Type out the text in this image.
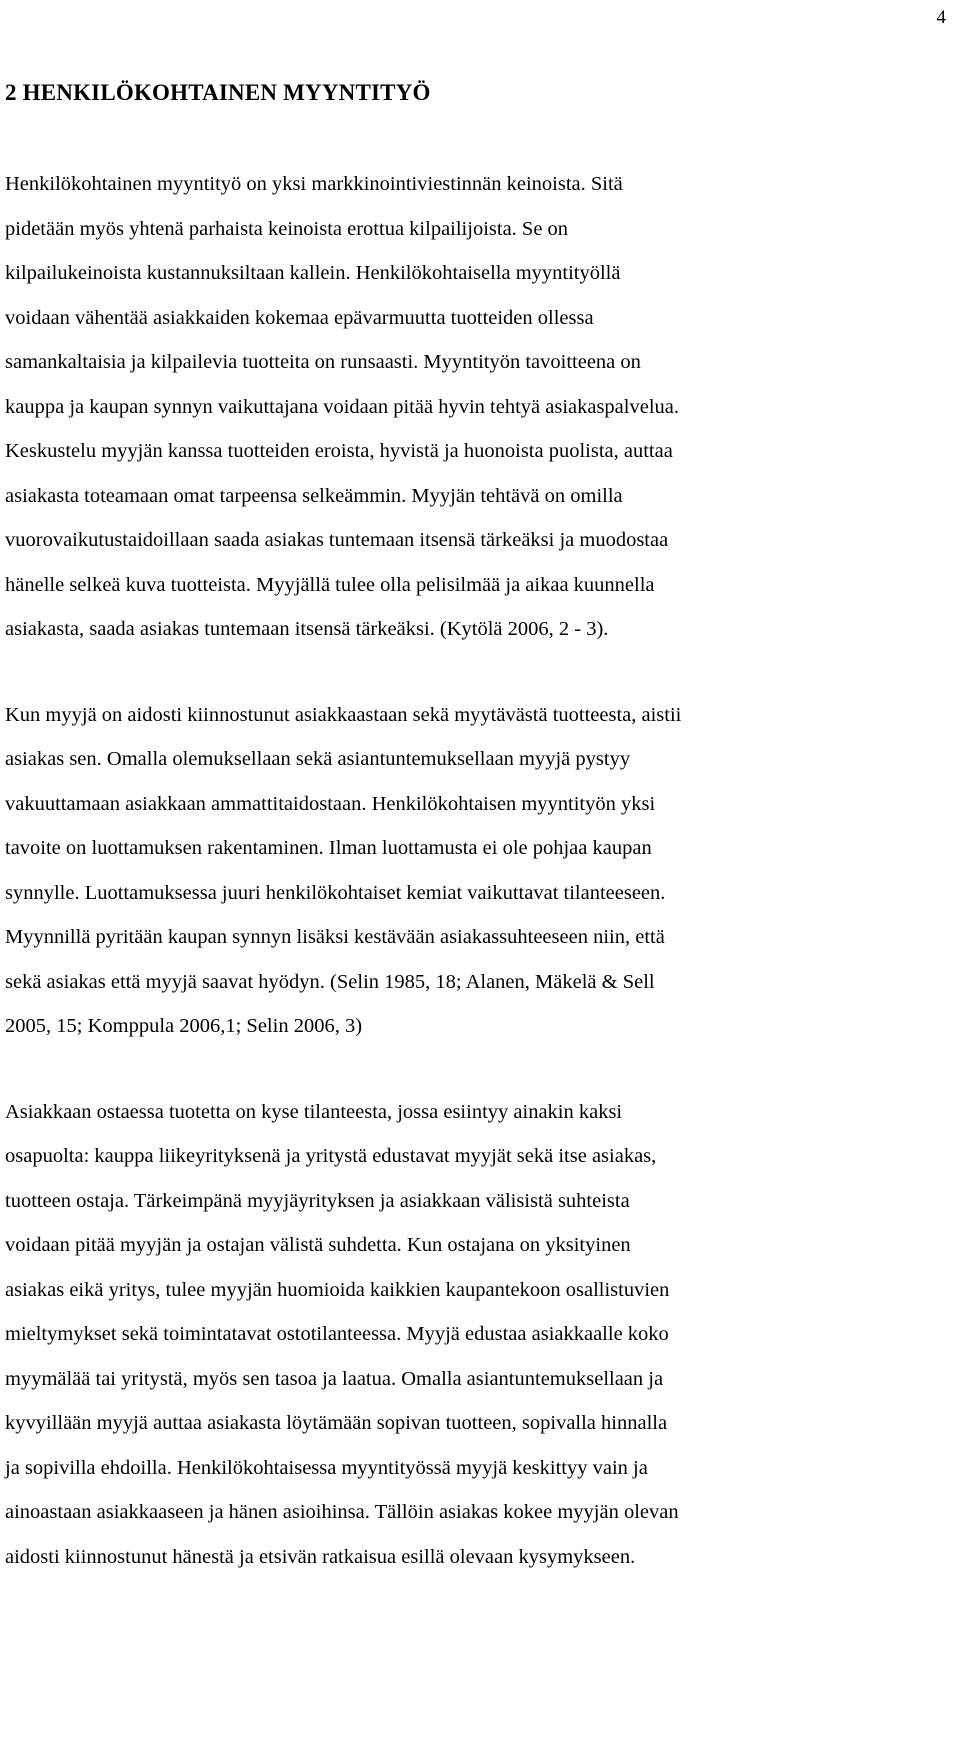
4
2 HENKILÖKOHTAINEN MYYNTITYÖ

Henkilökohtainen myyntityö on yksi markkinointiviestinnän keinoista. Sitä
pidetään myös yhtenä parhaista keinoista erottua kilpailijoista. Se on
kilpailukeinoista kustannuksiltaan kallein. Henkilökohtaisella myyntityöllä
voidaan vähentää asiakkaiden kokemaa epävarmuutta tuotteiden ollessa
samankaltaisia ja kilpailevia tuotteita on runsaasti. Myyntityön tavoitteena on
kauppa ja kaupan synnyn vaikuttajana voidaan pitää hyvin tehtyä asiakaspalvelua.
Keskustelu myyjän kanssa tuotteiden eroista, hyvistä ja huonoista puolista, auttaa
asiakasta toteamaan omat tarpeensa selkeämmin. Myyjän tehtävä on omilla
vuorovaikutustaidoillaan saada asiakas tuntemaan itsensä tärkeäksi ja muodostaa
hänelle selkeä kuva tuotteista. Myyjällä tulee olla pelisilmää ja aikaa kuunnella
asiakasta, saada asiakas tuntemaan itsensä tärkeäksi. (Kytölä 2006, 2 - 3).

Kun myyjä on aidosti kiinnostunut asiakkaastaan sekä myytävästä tuotteesta, aistii
asiakas sen. Omalla olemuksellaan sekä asiantuntemuksellaan myyjä pystyy
vakuuttamaan asiakkaan ammattitaidostaan. Henkilökohtaisen myyntityön yksi
tavoite on luottamuksen rakentaminen. Ilman luottamusta ei ole pohjaa kaupan
synnylle. Luottamuksessa juuri henkilökohtaiset kemiat vaikuttavat tilanteeseen.
Myynnillä pyritään kaupan synnyn lisäksi kestävään asiakassuhteeseen niin, että
sekä asiakas että myyjä saavat hyödyn. (Selin 1985, 18; Alanen, Mäkelä & Sell
2005, 15; Komppula 2006,1; Selin 2006, 3)

Asiakkaan ostaessa tuotetta on kyse tilanteesta, jossa esiintyy ainakin kaksi
osapuolta: kauppa liikeyrityksenä ja yritystä edustavat myyjät sekä itse asiakas,
tuotteen ostaja. Tärkeimpänä myyjäyrityksen ja asiakkaan välisistä suhteista
voidaan pitää myyjän ja ostajan välistä suhdetta. Kun ostajana on yksityinen
asiakas eikä yritys, tulee myyjän huomioida kaikkien kaupantekoon osallistuvien
mieltymykset sekä toimintatavat ostotilanteessa. Myyjä edustaa asiakkaalle koko
myymälää tai yritystä, myös sen tasoa ja laatua. Omalla asiantuntemuksellaan ja
kyvyillään myyjä auttaa asiakasta löytämään sopivan tuotteen, sopivalla hinnalla
ja sopivilla ehdoilla. Henkilökohtaisessa myyntityössä myyjä keskittyy vain ja
ainoastaan asiakkaaseen ja hänen asioihinsa. Tällöin asiakas kokee myyjän olevan
aidosti kiinnostunut hänestä ja etsivän ratkaisua esillä olevaan kysymykseen.
